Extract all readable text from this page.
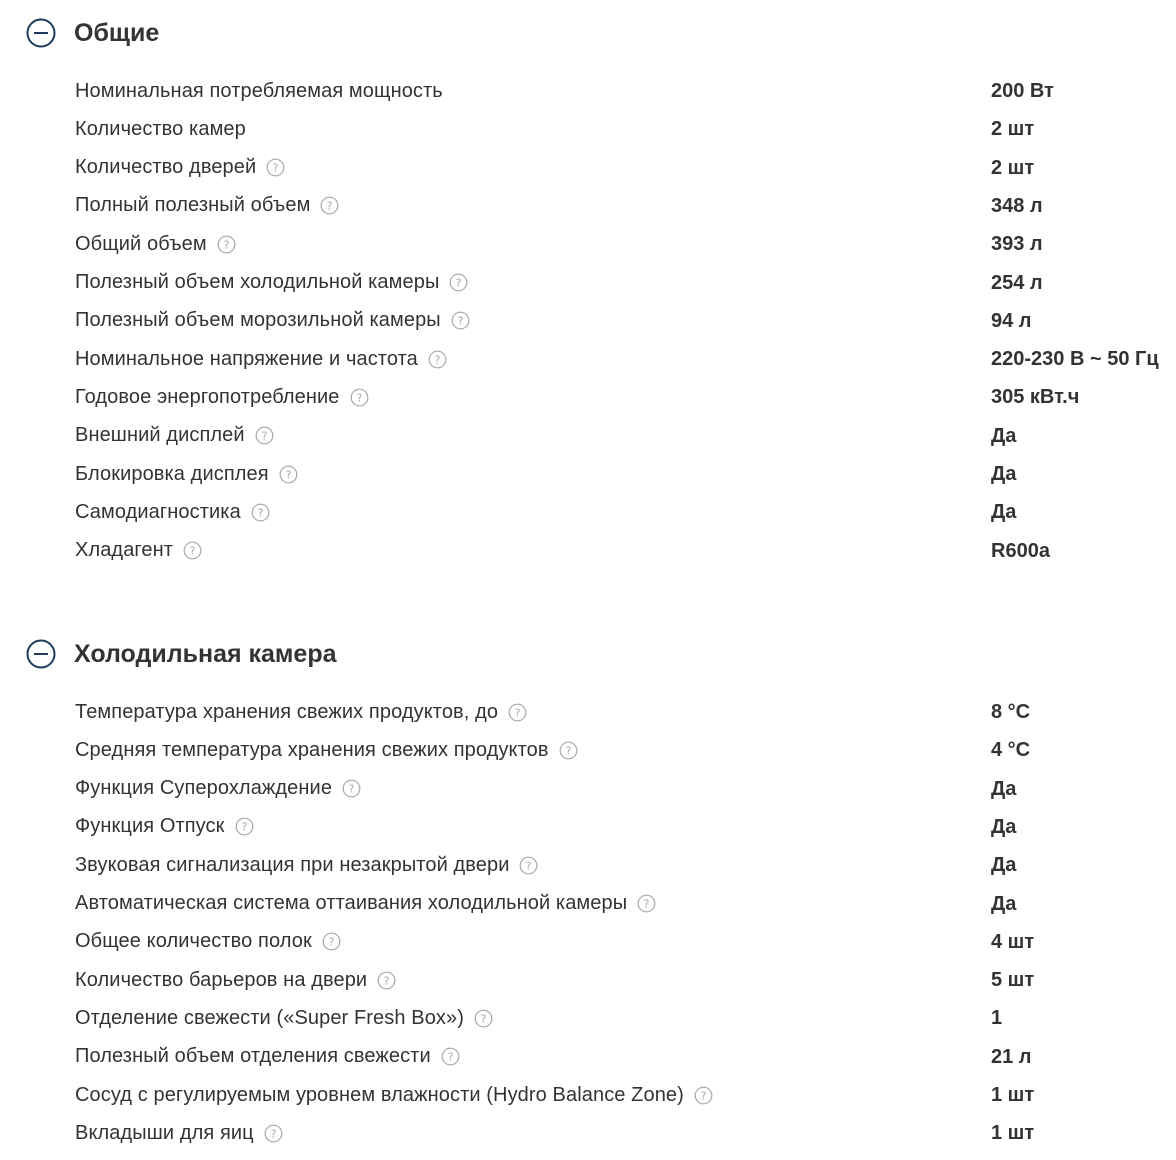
Общие
Номинальная потребляемая мощность	200 Вт
Количество камер	2 шт
Количество дверей ?	2 шт
Полный полезный объем ?	348 л
Общий объем ?	393 л
Полезный объем холодильной камеры ?	254 л
Полезный объем морозильной камеры ?	94 л
Номинальное напряжение и частота ?	220-230 В ~ 50 Гц
Годовое энергопотребление ?	305 кВт.ч
Внешний дисплей ?	Да
Блокировка дисплея ?	Да
Самодиагностика ?	Да
Хладагент ?	R600a
Холодильная камера
Температура хранения свежих продуктов, до ?	8 °С
Средняя температура хранения свежих продуктов ?	4 °С
Функция Суперохлаждение ?	Да
Функция Отпуск ?	Да
Звуковая сигнализация при незакрытой двери ?	Да
Автоматическая система оттаивания холодильной камеры ?	Да
Общее количество полок ?	4 шт
Количество барьеров на двери ?	5 шт
Отделение свежести («Super Fresh Box») ?	1
Полезный объем отделения свежести ?	21 л
Сосуд с регулируемым уровнем влажности (Hydro Balance Zone) ?	1 шт
Вкладыши для яиц ?	1 шт
